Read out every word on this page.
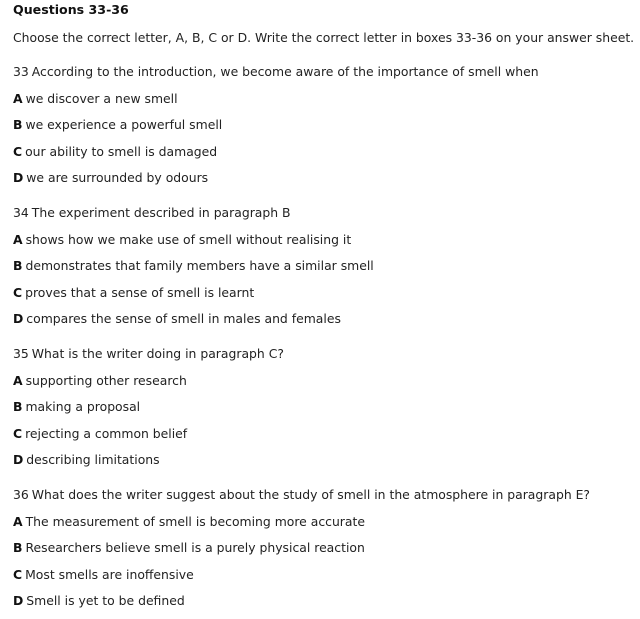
Questions 33-36
Choose the correct letter, A, B, C or D. Write the correct letter in boxes 33-36 on your answer sheet.
33 According to the introduction, we become aware of the importance of smell when
A we discover a new smell
B we experience a powerful smell
C our ability to smell is damaged
D we are surrounded by odours
34 The experiment described in paragraph B
A shows how we make use of smell without realising it
B demonstrates that family members have a similar smell
C proves that a sense of smell is learnt
D compares the sense of smell in males and females
35 What is the writer doing in paragraph C?
A supporting other research
B making a proposal
C rejecting a common belief
D describing limitations
36 What does the writer suggest about the study of smell in the atmosphere in paragraph E?
A The measurement of smell is becoming more accurate
B Researchers believe smell is a purely physical reaction
C Most smells are inoffensive
D Smell is yet to be defined
